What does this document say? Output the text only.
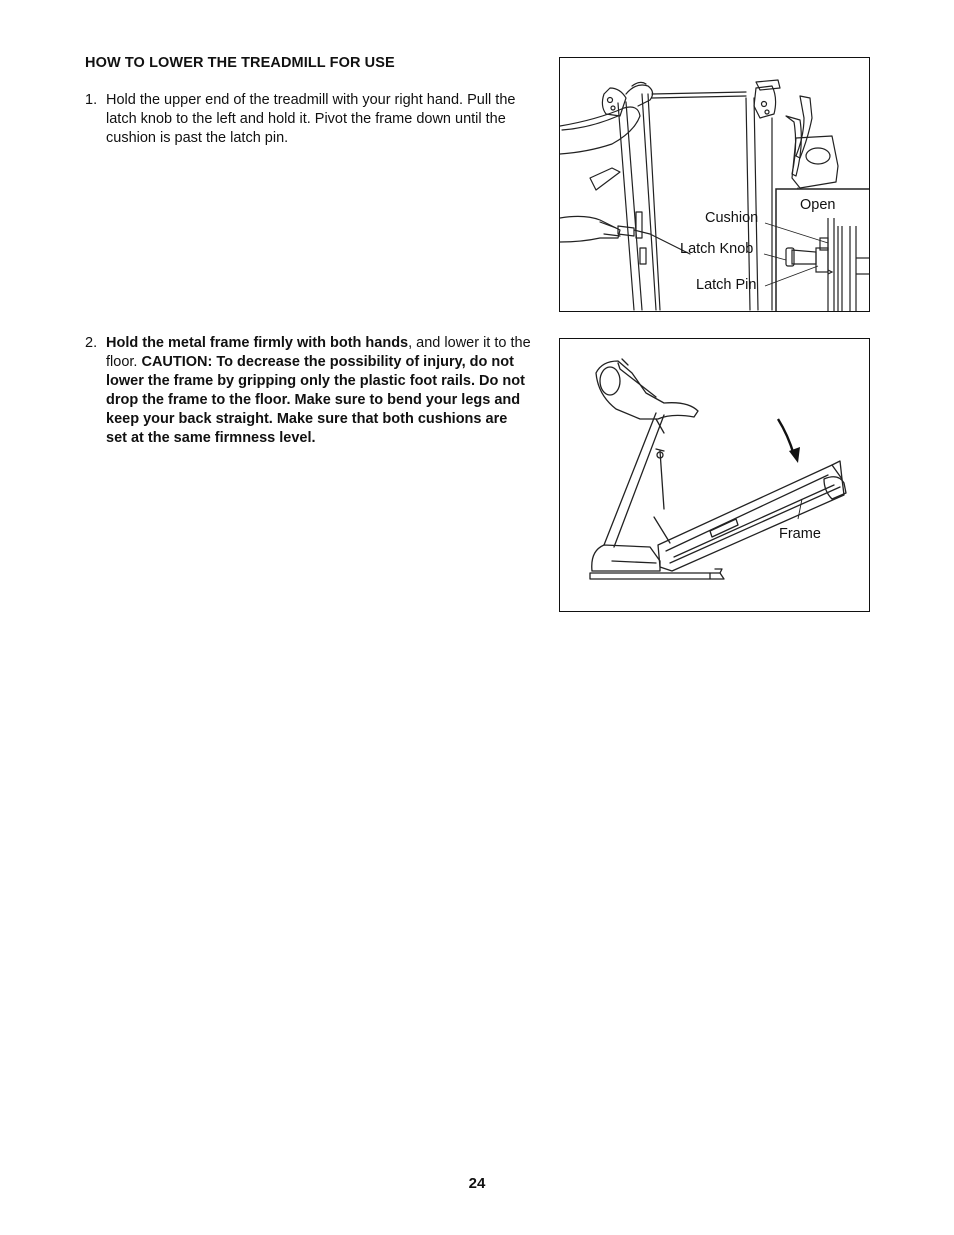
HOW TO LOWER THE TREADMILL FOR USE
1. Hold the upper end of the treadmill with your right hand. Pull the latch knob to the left and hold it. Pivot the frame down until the cushion is past the latch pin.
2. Hold the metal frame firmly with both hands, and lower it to the floor. CAUTION: To decrease the possibility of injury, do not lower the frame by gripping only the plastic foot rails. Do not drop the frame to the floor. Make sure to bend your legs and keep your back straight. Make sure that both cushions are set at the same firmness level.
Open
Cushion
Latch Knob
Latch Pin
Frame
24
